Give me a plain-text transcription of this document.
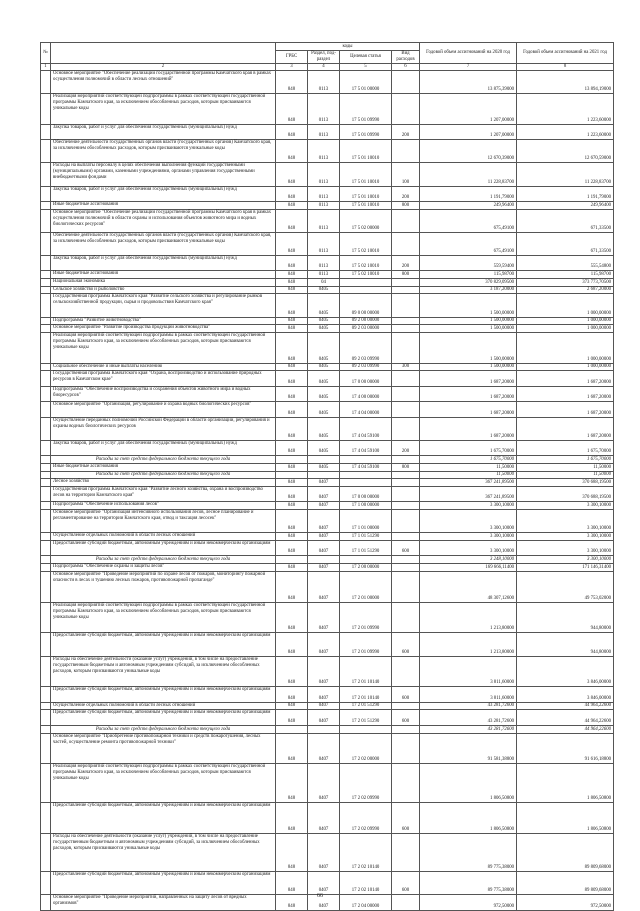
№		коды				Годовой объем ассигнований на 2020 год	Годовой объем ассигнований на 2021 год
		ГРБС	Раздел, под-раздел	Целевая статья	Вид расходов		
1	2	3	4	5	6	7	8
	Основное мероприятие "Обеспечение реализации государственной программы Камчатского края в рамках осуществления полномочий в области лесных отношений"	848	0113	17 5 01 00000		13 875,39000	13 894,19000
	Реализация мероприятий соответствующей подпрограммы в рамках соответствующей государственной программы Камчатского края, за исключением обособленных расходов, которым присваиваются уникальные коды	848	0113	17 5 01 09990		1 207,00000	1 223,60000
	Закупка товаров, работ и услуг для обеспечения государственных (муниципальных) нужд	848	0113	17 5 01 09990	200	1 207,00000	1 223,60000
	Обеспечение деятельности государственных органов власти (государственных органов) Камчатского края, за исключением обособленных расходов, которым присваиваются уникальные коды	848	0113	17 5 01 10010		12 670,39000	12 670,59000
	Расходы на выплаты персоналу в целях обеспечения выполнения функций государственными (муниципальными) органами, казенными учреждениями, органами управления государственными внебюджетными фондами	848	0113	17 5 01 10010	100	11 228,83700	11 228,83700
	Закупка товаров, работ и услуг для обеспечения государственных (муниципальных) нужд	848	0113	17 5 01 10010	200	1 191,79000	1 191,79000
	Иные бюджетные ассигнования	848	0113	17 5 01 10010	800	249,96400	249,96400
	Основное мероприятие "Обеспечение реализации государственной программы Камчатского края в рамках осуществления полномочий в области охраны и использования объектов животного мира и водных биологических ресурсов"	848	0113	17 5 02 00000		675,49100	671,33500
	Обеспечение деятельности государственных органов власти (государственных органов) Камчатского края, за исключением обособленных расходов, которым присваиваются уникальные коды	848	0113	17 5 02 10010		675,49100	671,33500
	Закупка товаров, работ и услуг для обеспечения государственных (муниципальных) нужд	848	0113	17 5 02 10010	200	559,59400	555,54800
	Иные бюджетные ассигнования	848	0113	17 5 02 10010	800	115,98700	115,98700
	Национальная экономика	848	04			370 829,09500	373 773,70500
	Сельское хозяйство и рыболовство	848	0405			3 187,20000	2 687,20000
	Государственная программа Камчатского края "Развитие сельского хозяйства и регулирование рынков сельскохозяйственной продукции, сырья и продовольствия Камчатского края"	848	0405	09 0 00 00000		1 500,00000	1 000,00000
	Подпрограмма "Развитие животноводства"	848	0405	09 2 00 00000		1 500,00000	1 000,00000
	Основное мероприятие "Развитие производства продукции животноводства"	848	0405	09 2 03 00000		1 500,00000	1 000,00000
	Реализация мероприятий соответствующей подпрограммы в рамках соответствующей государственной программы Камчатского края, за исключением обособленных расходов, которым присваиваются уникальные коды	848	0405	09 2 03 09990		1 500,00000	1 000,00000
	Социальное обеспечение и иные выплаты населению	848	0405	09 2 03 09990	300	1 500,00000	1 000,00000
	Государственная программа Камчатского края "Охрана, воспроизводство и использование природных ресурсов в Камчатском крае"	848	0405	17 0 00 00000		1 687,20000	1 687,20000
	Подпрограмма "Обеспечение воспроизводства и сохранения объектов животного мира и водных биоресурсов"	848	0405	17 4 00 00000		1 687,20000	1 687,20000
	Основное мероприятие "Организация, регулирование и охрана водных биологических ресурсов"	848	0405	17 4 04 00000		1 687,20000	1 687,20000
	Осуществление переданных полномочий Российской Федерации в области организации, регулирования и охраны водных биологических ресурсов	848	0405	17 4 04 59100		1 687,20000	1 687,20000
	Закупка товаров, работ и услуг для обеспечения государственных (муниципальных) нужд	848	0405	17 4 04 59100	200	1 675,70000	1 675,70000
	Расходы за счет средств федерального бюджета текущего года					1 675,70000	1 675,70000
	Иные бюджетные ассигнования	848	0405	17 4 04 59100	800	11,50000	11,50000
	Расходы за счет средств федерального бюджета текущего года					11,50000	11,50000
	Лесное хозяйство	848	0407			367 241,89500	370 688,19500
	Государственная программа Камчатского края "Развитие лесного хозяйства, охрана и воспроизводство лесов на территории Камчатского края"	848	0407	17 0 00 00000		367 241,89500	370 688,19500
	Подпрограмма "Обеспечение использования лесов"	848	0407	17 1 00 00000		3 300,10000	3 300,10000
	Основное мероприятие "Организация интенсивного использования лесов, лесное планирование и регламентирование на территории Камчатского края, отвод и таксация лесосек"	848	0407	17 1 01 00000		3 300,10000	3 300,10000
	Осуществление отдельных полномочий в области лесных отношений	848	0407	17 1 01 51290		3 300,10000	3 300,10000
	Предоставление субсидий бюджетным, автономным учреждениям и иным некоммерческим организациям	848	0407	17 1 01 51290	600	3 300,10000	3 300,10000
	Расходы за счет средств федерального бюджета текущего года					3 248,10000	3 300,10000
	Подпрограмма "Обеспечение охраны и защиты лесов"	848	0407	17 2 00 00000		169 666,11400	171 146,31400
	Основное мероприятие "Проведение мероприятий по охране лесов от пожаров, мониторингу пожарной опасности в лесах и тушению лесных пожаров, противопожарной пропаганде"	848	0407	17 2 01 00000		48 307,12600	49 753,02000
	Реализация мероприятий соответствующей подпрограммы в рамках соответствующей государственной программы Камчатского края, за исключением обособленных расходов, которым присваиваются уникальные коды	848	0407	17 2 01 09990		1 213,80000	944,80000
	Предоставление субсидий бюджетным, автономным учреждениям и иным некоммерческим организациям	848	0407	17 2 01 09990	600	1 213,80000	944,80000
	Расходы на обеспечение деятельности (оказание услуг) учреждений, в том числе на предоставление государственным бюджетным и автономным учреждениям субсидий, за исключением обособленных расходов, которым присваиваются уникальные коды	848	0407	17 2 01 10140		3 811,60000	3 846,00000
	Предоставление субсидий бюджетным, автономным учреждениям и иным некоммерческим организациям	848	0407	17 2 01 10140	600	3 811,60000	3 846,00000
	Осуществление отдельных полномочий в области лесных отношений	848	0407	17 2 01 51290		43 281,72600	44 964,22600
	Предоставление субсидий бюджетным, автономным учреждениям и иным некоммерческим организациям	848	0407	17 2 01 51290	600	43 281,72600	44 964,22600
	Расходы за счет средств федерального бюджета текущего года					43 281,72600	44 964,22600
	Основное мероприятие "Приобретение противопожарной техники и средств пожаротушения, лесных частей, осуществление ремонта противопожарной техники"	848	0407	17 2 02 00000		91 581,38800	91 616,18800
	Реализация мероприятий соответствующей подпрограммы в рамках соответствующей государственной программы Камчатского края, за исключением обособленных расходов, которым присваиваются уникальные коды	848	0407	17 2 02 09990		1 806,50800	1 806,50800
	Предоставление субсидий бюджетным, автономным учреждениям и иным некоммерческим организациям	848	0407	17 2 02 09990	600	1 806,50800	1 806,50800
	Расходы на обеспечение деятельности (оказание услуг) учреждений, в том числе на предоставление государственным бюджетным и автономным учреждениям субсидий, за исключением обособленных расходов, которым присваиваются уникальные коды	848	0407	17 2 02 10140		89 775,38000	89 809,68000
	Предоставление субсидий бюджетным, автономным учреждениям и иным некоммерческим организациям	848	0407	17 2 02 10140	600	89 775,38000	89 809,68000
	Основное мероприятие "Проведение мероприятий, направленных на защиту лесов от вредных организмов"	848	0407	17 2 04 00000		972,50000	972,50000
66
